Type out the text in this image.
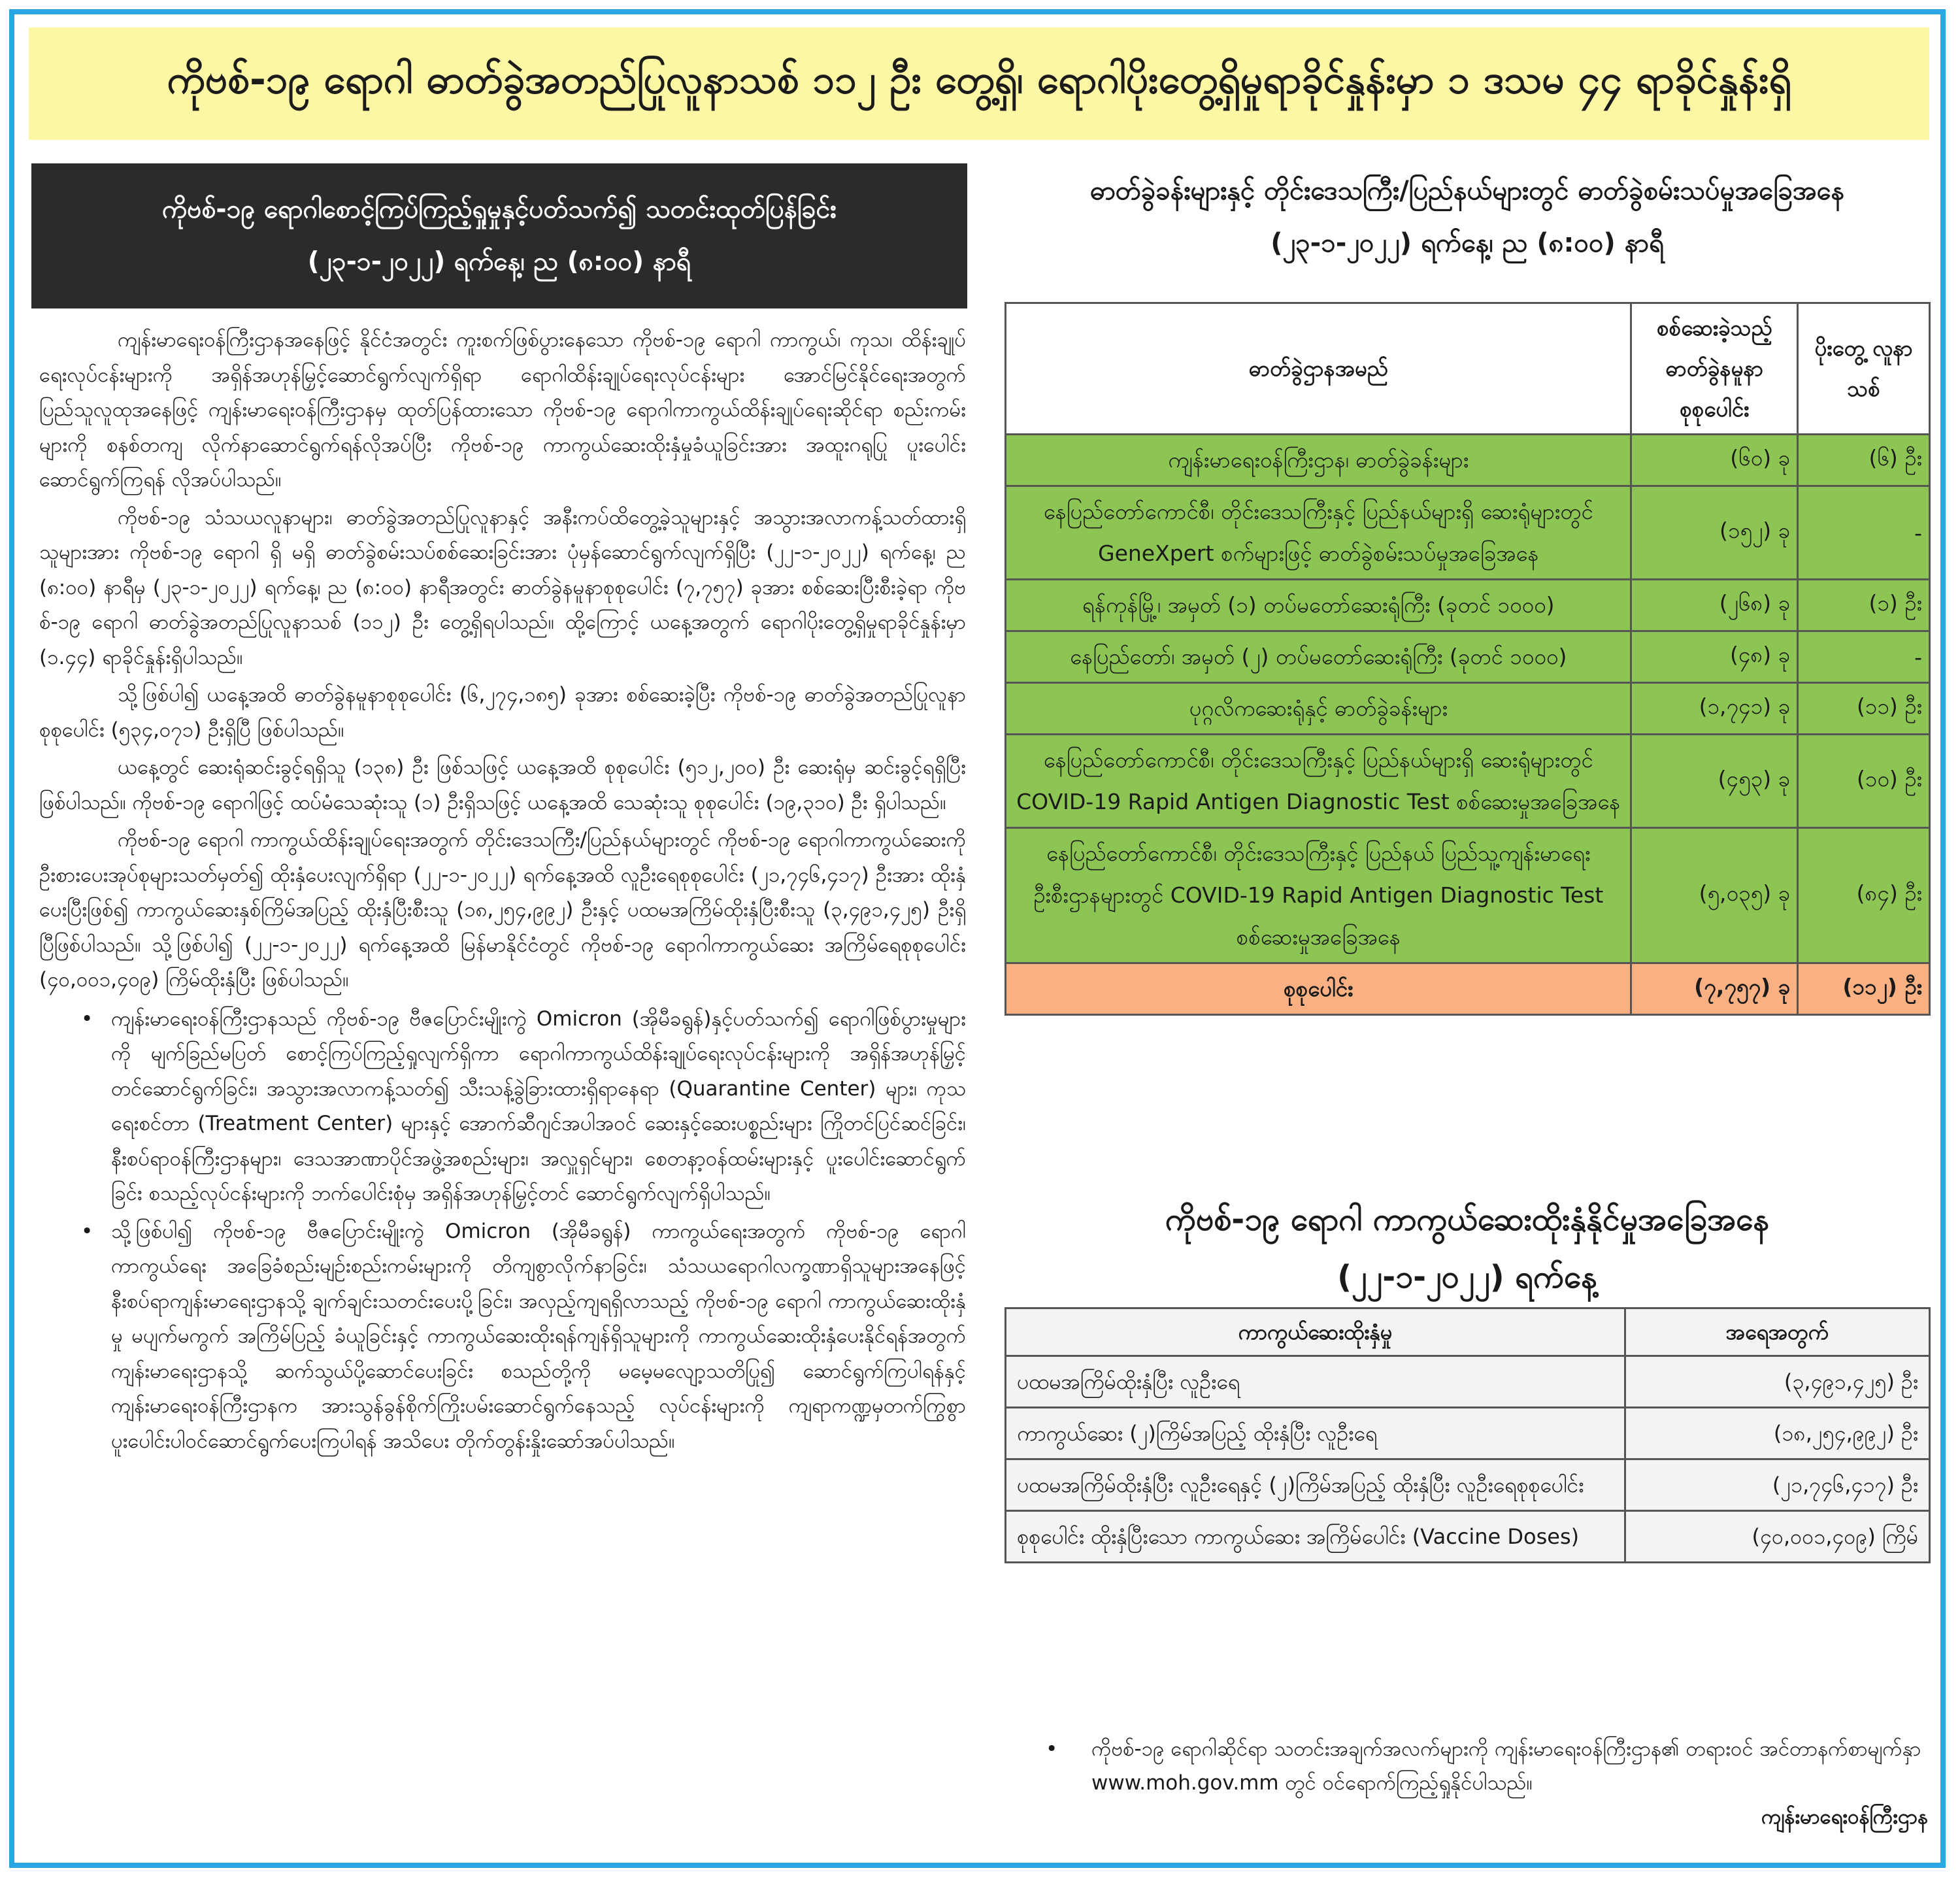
ကိုဗစ်-၁၉ ရောဂါ ဓာတ်ခွဲအတည်ပြုလူနာသစ် ၁၁၂ ဦး တွေ့ရှိ၊ ရောဂါပိုးတွေ့ရှိမှုရာခိုင်နှုန်းမှာ ၁ ဒသမ ၄၄ ရာခိုင်နှုန်းရှိ
ကိုဗစ်-၁၉ ရောဂါစောင့်ကြပ်ကြည့်ရှုမှုနှင့်ပတ်သက်၍ သတင်းထုတ်ပြန်ခြင်း
(၂၃-၁-၂၀၂၂) ရက်နေ့၊ ည (၈:၀၀) နာရီ

ကျန်းမာရေးဝန်ကြီးဌာနအနေဖြင့် နိုင်ငံအတွင်း ကူးစက်ဖြစ်ပွားနေသော ကိုဗစ်-၁၉ ရောဂါ ကာကွယ်၊ ကုသ၊ ထိန်းချုပ်ရေးလုပ်ငန်းများကို အရှိန်အဟုန်မြှင့်ဆောင်ရွက်လျက်ရှိရာ ရောဂါထိန်းချုပ်ရေးလုပ်ငန်းများ အောင်မြင်နိုင်ရေးအတွက် ပြည်သူလူထုအနေဖြင့် ကျန်းမာရေးဝန်ကြီးဌာနမှ ထုတ်ပြန်ထားသော ကိုဗစ်-၁၉ ရောဂါကာကွယ်ထိန်းချုပ်ရေးဆိုင်ရာ စည်းကမ်းများကို စနစ်တကျ လိုက်နာဆောင်ရွက်ရန်လိုအပ်ပြီး ကိုဗစ်-၁၉ ကာကွယ်ဆေးထိုးနှံမှုခံယူခြင်းအား အထူးဂရုပြု ပူးပေါင်းဆောင်ရွက်ကြရန် လိုအပ်ပါသည်။

ကိုဗစ်-၁၉ သံသယလူနာများ၊ ဓာတ်ခွဲအတည်ပြုလူနာနှင့် အနီးကပ်ထိတွေ့ခဲ့သူများနှင့် အသွားအလာကန့်သတ်ထားရှိသူများအား ကိုဗစ်-၁၉ ရောဂါ ရှိ မရှိ ဓာတ်ခွဲစမ်းသပ်စစ်ဆေးခြင်းအား ပုံမှန်ဆောင်ရွက်လျက်ရှိပြီး (၂၂-၁-၂၀၂၂) ရက်နေ့၊ ည (၈:၀၀) နာရီမှ (၂၃-၁-၂၀၂၂) ရက်နေ့၊ ည (၈:၀၀) နာရီအတွင်း ဓာတ်ခွဲနမူနာစုစုပေါင်း (၇,၇၅၇) ခုအား စစ်ဆေးပြီးစီးခဲ့ရာ ကိုဗစ်-၁၉ ရောဂါ ဓာတ်ခွဲအတည်ပြုလူနာသစ် (၁၁၂) ဦး တွေ့ရှိရပါသည်။ ထို့ကြောင့် ယနေ့အတွက် ရောဂါပိုးတွေ့ရှိမှုရာခိုင်နှုန်းမှာ (၁.၄၄) ရာခိုင်နှုန်းရှိပါသည်။

သို့ဖြစ်ပါ၍ ယနေ့အထိ ဓာတ်ခွဲနမူနာစုစုပေါင်း (၆,၂၇၄,၁၈၅) ခုအား စစ်ဆေးခဲ့ပြီး ကိုဗစ်-၁၉ ဓာတ်ခွဲအတည်ပြုလူနာစုစုပေါင်း (၅၃၄,၀၇၁) ဦးရှိပြီ ဖြစ်ပါသည်။

ယနေ့တွင် ဆေးရုံဆင်းခွင့်ရရှိသူ (၁၃၈) ဦး ဖြစ်သဖြင့် ယနေ့အထိ စုစုပေါင်း (၅၁၂,၂၀၀) ဦး ဆေးရုံမှ ဆင်းခွင့်ရရှိပြီး ဖြစ်ပါသည်။ ကိုဗစ်-၁၉ ရောဂါဖြင့် ထပ်မံသေဆုံးသူ (၁) ဦးရှိသဖြင့် ယနေ့အထိ သေဆုံးသူ စုစုပေါင်း (၁၉,၃၁၀) ဦး ရှိပါသည်။

ကိုဗစ်-၁၉ ရောဂါ ကာကွယ်ထိန်းချုပ်ရေးအတွက် တိုင်းဒေသကြီး/ပြည်နယ်များတွင် ကိုဗစ်-၁၉ ရောဂါကာကွယ်ဆေးကို ဦးစားပေးအုပ်စုများသတ်မှတ်၍ ထိုးနှံပေးလျက်ရှိရာ (၂၂-၁-၂၀၂၂) ရက်နေ့အထိ လူဦးရေစုစုပေါင်း (၂၁,၇၄၆,၄၁၇) ဦးအား ထိုးနှံပေးပြီးဖြစ်၍ ကာကွယ်ဆေးနှစ်ကြိမ်အပြည့် ထိုးနှံပြီးစီးသူ (၁၈,၂၅၄,၉၉၂) ဦးနှင့် ပထမအကြိမ်ထိုးနှံပြီးစီးသူ (၃,၄၉၁,၄၂၅) ဦးရှိပြီဖြစ်ပါသည်။ သို့ဖြစ်ပါ၍ (၂၂-၁-၂၀၂၂) ရက်နေ့အထိ မြန်မာနိုင်ငံတွင် ကိုဗစ်-၁၉ ရောဂါကာကွယ်ဆေး အကြိမ်ရေစုစုပေါင်း (၄၀,၀၀၁,၄၀၉) ကြိမ်ထိုးနှံပြီး ဖြစ်ပါသည်။

• ကျန်းမာရေးဝန်ကြီးဌာနသည် ကိုဗစ်-၁၉ ဗီဇပြောင်းမျိုးကွဲ Omicron (အိုမီခရွန်)နှင့်ပတ်သက်၍ ရောဂါဖြစ်ပွားမှုများကို မျက်ခြည်မပြတ် စောင့်ကြပ်ကြည့်ရှုလျက်ရှိကာ ရောဂါကာကွယ်ထိန်းချုပ်ရေးလုပ်ငန်းများကို အရှိန်အဟုန်မြှင့်တင်ဆောင်ရွက်ခြင်း၊ အသွားအလာကန့်သတ်၍ သီးသန့်ခွဲခြားထားရှိရာနေရာ (Quarantine Center) များ၊ ကုသရေးစင်တာ (Treatment Center) များနှင့် အောက်ဆီဂျင်အပါအဝင် ဆေးနှင့်ဆေးပစ္စည်းများ ကြိုတင်ပြင်ဆင်ခြင်း၊ နီးစပ်ရာဝန်ကြီးဌာနများ၊ ဒေသအာဏာပိုင်အဖွဲ့အစည်းများ၊ အလှူရှင်များ၊ စေတနာ့ဝန်ထမ်းများနှင့် ပူးပေါင်းဆောင်ရွက်ခြင်း စသည့်လုပ်ငန်းများကို ဘက်ပေါင်းစုံမှ အရှိန်အဟုန်မြှင့်တင် ဆောင်ရွက်လျက်ရှိပါသည်။
• သို့ဖြစ်ပါ၍ ကိုဗစ်-၁၉ ဗီဇပြောင်းမျိုးကွဲ Omicron (အိုမီခရွန်) ကာကွယ်ရေးအတွက် ကိုဗစ်-၁၉ ရောဂါ ကာကွယ်ရေး အခြေခံစည်းမျဉ်းစည်းကမ်းများကို တိကျစွာလိုက်နာခြင်း၊ သံသယရောဂါလက္ခဏာရှိသူများအနေဖြင့် နီးစပ်ရာကျန်းမာရေးဌာနသို့ ချက်ချင်းသတင်းပေးပို့ခြင်း၊ အလှည့်ကျရရှိလာသည့် ကိုဗစ်-၁၉ ရောဂါ ကာကွယ်ဆေးထိုးနှံမှု မပျက်မကွက် အကြိမ်ပြည့် ခံယူခြင်းနှင့် ကာကွယ်ဆေးထိုးရန်ကျန်ရှိသူများကို ကာကွယ်ဆေးထိုးနှံပေးနိုင်ရန်အတွက် ကျန်းမာရေးဌာနသို့ ဆက်သွယ်ပို့ဆောင်ပေးခြင်း စသည်တို့ကို မမေ့မလျော့သတိပြု၍ ဆောင်ရွက်ကြပါရန်နှင့် ကျန်းမာရေးဝန်ကြီးဌာနက အားသွန်ခွန်စိုက်ကြိုးပမ်းဆောင်ရွက်နေသည့် လုပ်ငန်းများကို ကျရာကဏ္ဍမှတက်ကြွစွာ ပူးပေါင်းပါဝင်ဆောင်ရွက်ပေးကြပါရန် အသိပေး တိုက်တွန်းနှိုးဆော်အပ်ပါသည်။
ဓာတ်ခွဲခန်းများနှင့် တိုင်းဒေသကြီး/ပြည်နယ်များတွင် ဓာတ်ခွဲစမ်းသပ်မှုအခြေအနေ
(၂၃-၁-၂၀၂၂) ရက်နေ့၊ ည (၈:၀၀) နာရီ
ဓာတ်ခွဲဌာနအမည်	စစ်ဆေးခဲ့သည့် ဓာတ်ခွဲနမူနာ စုစုပေါင်း	ပိုးတွေ့ လူနာသစ်
ကျန်းမာရေးဝန်ကြီးဌာန၊ ဓာတ်ခွဲခန်းများ	(၆၀) ခု	(၆) ဦး
နေပြည်တော်ကောင်စီ၊ တိုင်းဒေသကြီးနှင့် ပြည်နယ်များရှိ ဆေးရုံများတွင် GeneXpert စက်များဖြင့် ဓာတ်ခွဲစမ်းသပ်မှုအခြေအနေ	(၁၅၂) ခု	-
ရန်ကုန်မြို့၊ အမှတ် (၁) တပ်မတော်ဆေးရုံကြီး (ခုတင် ၁၀၀၀)	(၂၆၈) ခု	(၁) ဦး
နေပြည်တော်၊ အမှတ် (၂) တပ်မတော်ဆေးရုံကြီး (ခုတင် ၁၀၀၀)	(၄၈) ခု	-
ပုဂ္ဂလိကဆေးရုံနှင့် ဓာတ်ခွဲခန်းများ	(၁,၇၄၁) ခု	(၁၁) ဦး
နေပြည်တော်ကောင်စီ၊ တိုင်းဒေသကြီးနှင့် ပြည်နယ်များရှိ ဆေးရုံများတွင် COVID-19 Rapid Antigen Diagnostic Test စစ်ဆေးမှုအခြေအနေ	(၄၅၃) ခု	(၁၀) ဦး
နေပြည်တော်ကောင်စီ၊ တိုင်းဒေသကြီးနှင့် ပြည်နယ် ပြည်သူ့ကျန်းမာရေးဦးစီးဌာနများတွင် COVID-19 Rapid Antigen Diagnostic Test စစ်ဆေးမှုအခြေအနေ	(၅,၀၃၅) ခု	(၈၄) ဦး
စုစုပေါင်း	(၇,၇၅၇) ခု	(၁၁၂) ဦး
ကိုဗစ်-၁၉ ရောဂါ ကာကွယ်ဆေးထိုးနှံနိုင်မှုအခြေအနေ
(၂၂-၁-၂၀၂၂) ရက်နေ့
ကာကွယ်ဆေးထိုးနှံမှု	အရေအတွက်
ပထမအကြိမ်ထိုးနှံပြီး လူဦးရေ	(၃,၄၉၁,၄၂၅) ဦး
ကာကွယ်ဆေး (၂)ကြိမ်အပြည့် ထိုးနှံပြီး လူဦးရေ	(၁၈,၂၅၄,၉၉၂) ဦး
ပထမအကြိမ်ထိုးနှံပြီး လူဦးရေနှင့် (၂)ကြိမ်အပြည့် ထိုးနှံပြီး လူဦးရေစုစုပေါင်း	(၂၁,၇၄၆,၄၁၇) ဦး
စုစုပေါင်း ထိုးနှံပြီးသော ကာကွယ်ဆေး အကြိမ်ပေါင်း (Vaccine Doses)	(၄၀,၀၀၁,၄၀၉) ကြိမ်
• ကိုဗစ်-၁၉ ရောဂါဆိုင်ရာ သတင်းအချက်အလက်များကို ကျန်းမာရေးဝန်ကြီးဌာန၏ တရားဝင် အင်တာနက်စာမျက်နှာ www.moh.gov.mm တွင် ဝင်ရောက်ကြည့်ရှုနိုင်ပါသည်။
ကျန်းမာရေးဝန်ကြီးဌာန
